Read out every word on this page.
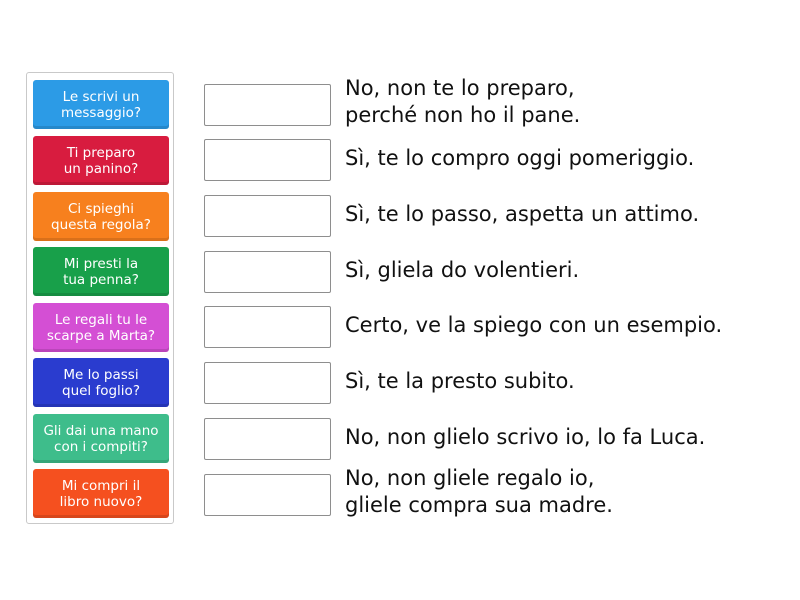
Le scrivi un
messaggio?
Ti preparo
un panino?
Ci spieghi
questa regola?
Mi presti la
tua penna?
Le regali tu le
scarpe a Marta?
Me lo passi
quel foglio?
Gli dai una mano
con i compiti?
Mi compri il
libro nuovo?
No, non te lo preparo,
perché non ho il pane.
Sì, te lo compro oggi pomeriggio.
Sì, te lo passo, aspetta un attimo.
Sì, gliela do volentieri.
Certo, ve la spiego con un esempio.
Sì, te la presto subito.
No, non glielo scrivo io, lo fa Luca.
No, non gliele regalo io,
gliele compra sua madre.
